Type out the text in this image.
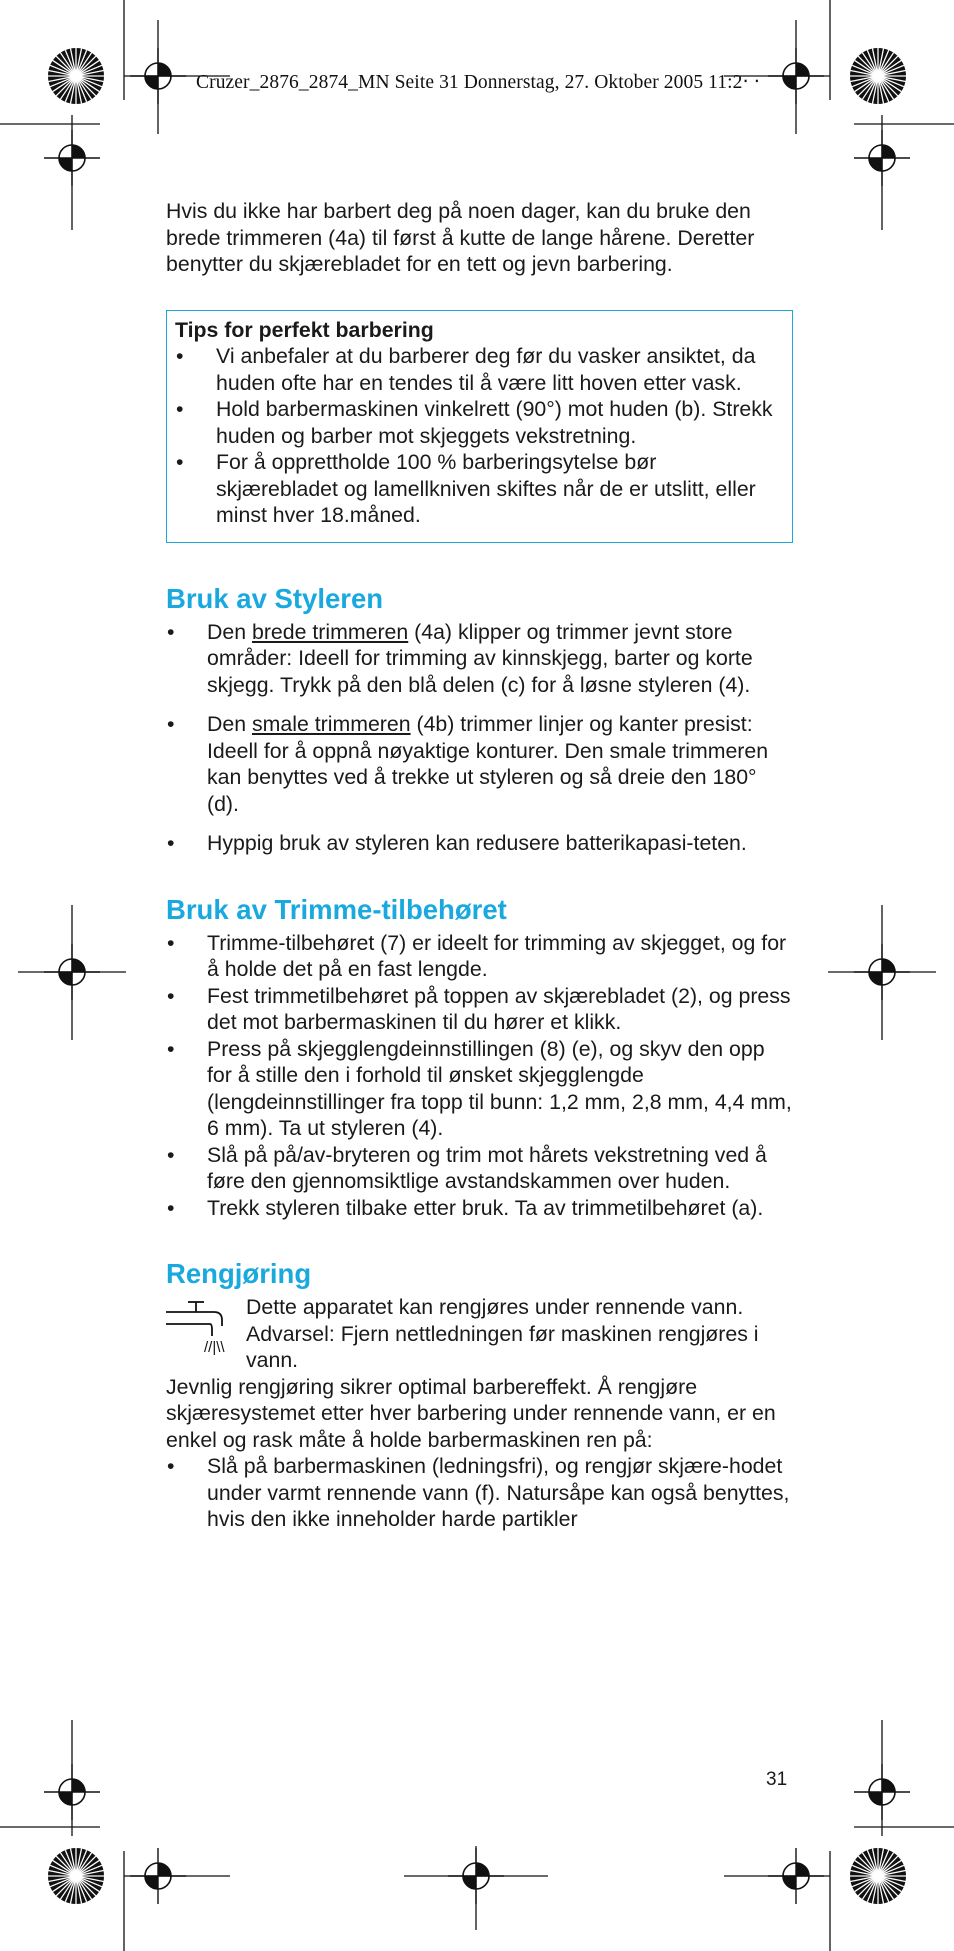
Cruzer_2876_2874_MN Seite 31 Donnerstag, 27. Oktober 2005 11:2‧ ‧

Hvis du ikke har barbert deg på noen dager, kan du bruke den brede trimmeren (4a) til først å kutte de lange hårene. Deretter benytter du skjærebladet for en tett og jevn barbering.

Tips for perfekt barbering

• Vi anbefaler at du barberer deg før du vasker ansiktet, da huden ofte har en tendes til å være litt hoven etter vask.
• Hold barbermaskinen vinkelrett (90°) mot huden (b). Strekk huden og barber mot skjeggets vekstretning.
• For å opprettholde 100 % barberingsytelse bør skjærebladet og lamellkniven skiftes når de er utslitt, eller minst hver 18.måned.
Bruk av Styleren
• Den brede trimmeren (4a) klipper og trimmer jevnt store områder: Ideell for trimming av kinnskjegg, barter og korte skjegg. Trykk på den blå delen (c) for å løsne styleren (4).
• Den smale trimmeren (4b) trimmer linjer og kanter presist: Ideell for å oppnå nøyaktige konturer. Den smale trimmeren kan benyttes ved å trekke ut styleren og så dreie den 180° (d).
• Hyppig bruk av styleren kan redusere batterikapasi-teten.
Bruk av Trimme-tilbehøret
• Trimme-tilbehøret (7) er ideelt for trimming av skjegget, og for å holde det på en fast lengde.
• Fest trimmetilbehøret på toppen av skjærebladet (2), og press det mot barbermaskinen til du hører et klikk.
• Press på skjegglengdeinnstillingen (8) (e), og skyv den opp for å stille den i forhold til ønsket skjegglengde (lengdeinnstillinger fra topp til bunn: 1,2 mm, 2,8 mm, 4,4 mm, 6 mm). Ta ut styleren (4).
• Slå på på/av-bryteren og trim mot hårets vekstretning ved å føre den gjennomsiktlige avstandskammen over huden.
• Trekk styleren tilbake etter bruk. Ta av trimmetilbehøret (a).
Rengjøring
//|\\

Dette apparatet kan rengjøres under rennende vann. Advarsel: Fjern nettledningen før maskinen rengjøres i vann.

Jevnlig rengjøring sikrer optimal barbereffekt. Å rengjøre skjæresystemet etter hver barbering under rennende vann, er en enkel og rask måte å holde barbermaskinen ren på:

• Slå på barbermaskinen (ledningsfri), og rengjør skjære-hodet under varmt rennende vann (f). Natursåpe kan også benyttes, hvis den ikke inneholder harde partikler
31
